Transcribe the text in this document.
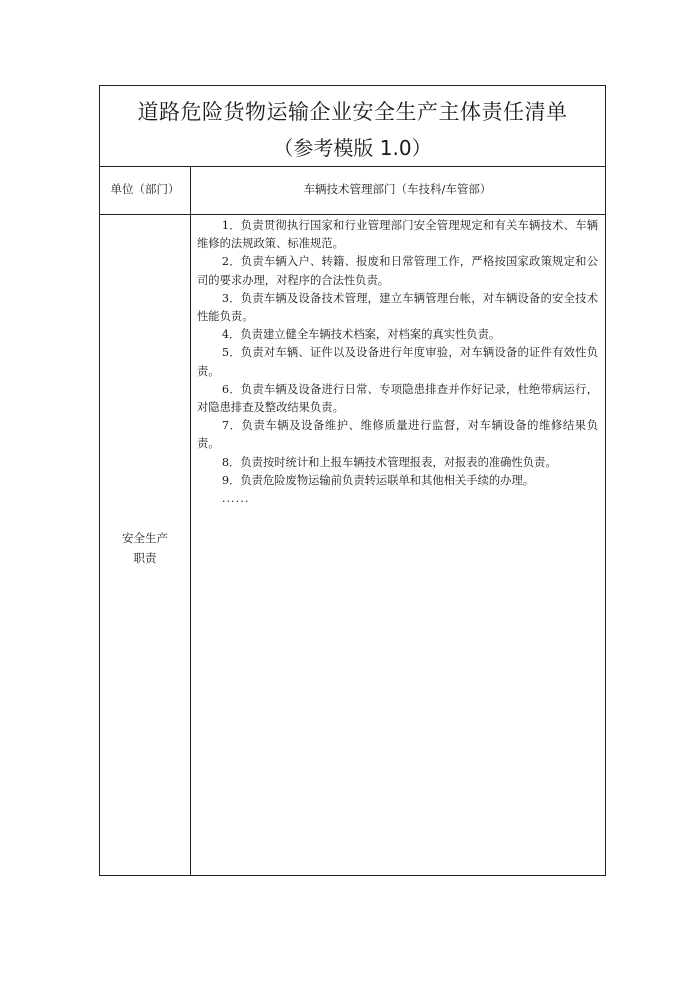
道路危险货物运输企业安全生产主体责任清单
（参考模版 1.0）
单位（部门）	车辆技术管理部门（车技科/车管部）
安全生产
职责

1．负责贯彻执行国家和行业管理部门安全管理规定和有关车辆技术、车辆维修的法规政策、标准规范。

2．负责车辆入户、转籍、报废和日常管理工作，严格按国家政策规定和公司的要求办理，对程序的合法性负责。

3．负责车辆及设备技术管理，建立车辆管理台帐，对车辆设备的安全技术性能负责。

4．负责建立健全车辆技术档案，对档案的真实性负责。

5．负责对车辆、证件以及设备进行年度审验，对车辆设备的证件有效性负责。

6．负责车辆及设备进行日常、专项隐患排查并作好记录，杜绝带病运行，对隐患排查及整改结果负责。

7．负责车辆及设备维护、维修质量进行监督，对车辆设备的维修结果负责。

8．负责按时统计和上报车辆技术管理报表，对报表的准确性负责。

9．负责危险废物运输前负责转运联单和其他相关手续的办理。

......
